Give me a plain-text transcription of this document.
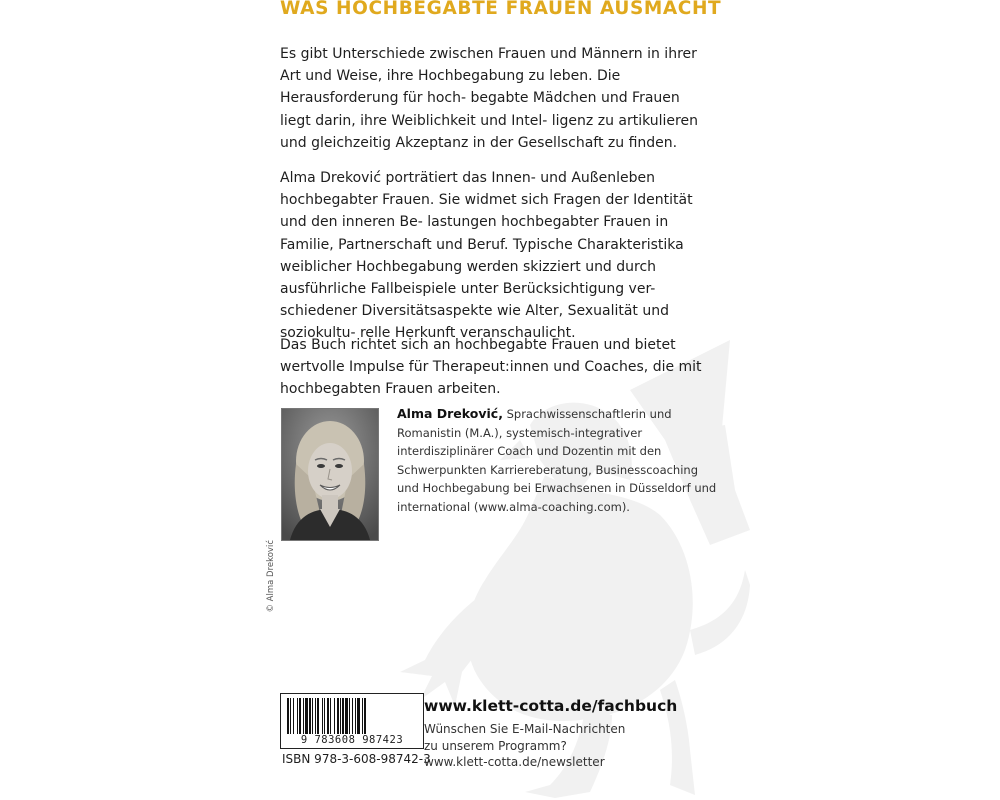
WAS HOCHBEGABTE FRAUEN AUSMACHT

Es gibt Unterschiede zwischen Frauen und Männern in ihrer Art und Weise, ihre Hochbegabung zu leben. Die Herausforderung für hoch- begabte Mädchen und Frauen liegt darin, ihre Weiblichkeit und Intel- ligenz zu artikulieren und gleichzeitig Akzeptanz in der Gesellschaft zu finden.

Alma Dreković porträtiert das Innen- und Außenleben hochbegabter Frauen. Sie widmet sich Fragen der Identität und den inneren Be- lastungen hochbegabter Frauen in Familie, Partnerschaft und Beruf. Typische Charakteristika weiblicher Hochbegabung werden skizziert und durch ausführliche Fallbeispiele unter Berücksichtigung ver- schiedener Diversitätsaspekte wie Alter, Sexualität und soziokultu- relle Herkunft veranschaulicht.

Das Buch richtet sich an hochbegabte Frauen und bietet wertvolle Impulse für Therapeut:innen und Coaches, die mit hochbegabten Frauen arbeiten.

© Alma Dreković

Alma Dreković, Sprachwissenschaftlerin und Romanistin (M.A.), systemisch-integrativer interdisziplinärer Coach und Dozentin mit den Schwerpunkten Karriereberatung, Businesscoaching und Hochbegabung bei Erwachsenen in Düsseldorf und international (www.alma-coaching.com).

9 783608 987423
ISBN 978-3-608-98742-3
www.klett-cotta.de/fachbuch

Wünschen Sie E-Mail-Nachrichten
zu unserem Programm?
www.klett-cotta.de/newsletter
